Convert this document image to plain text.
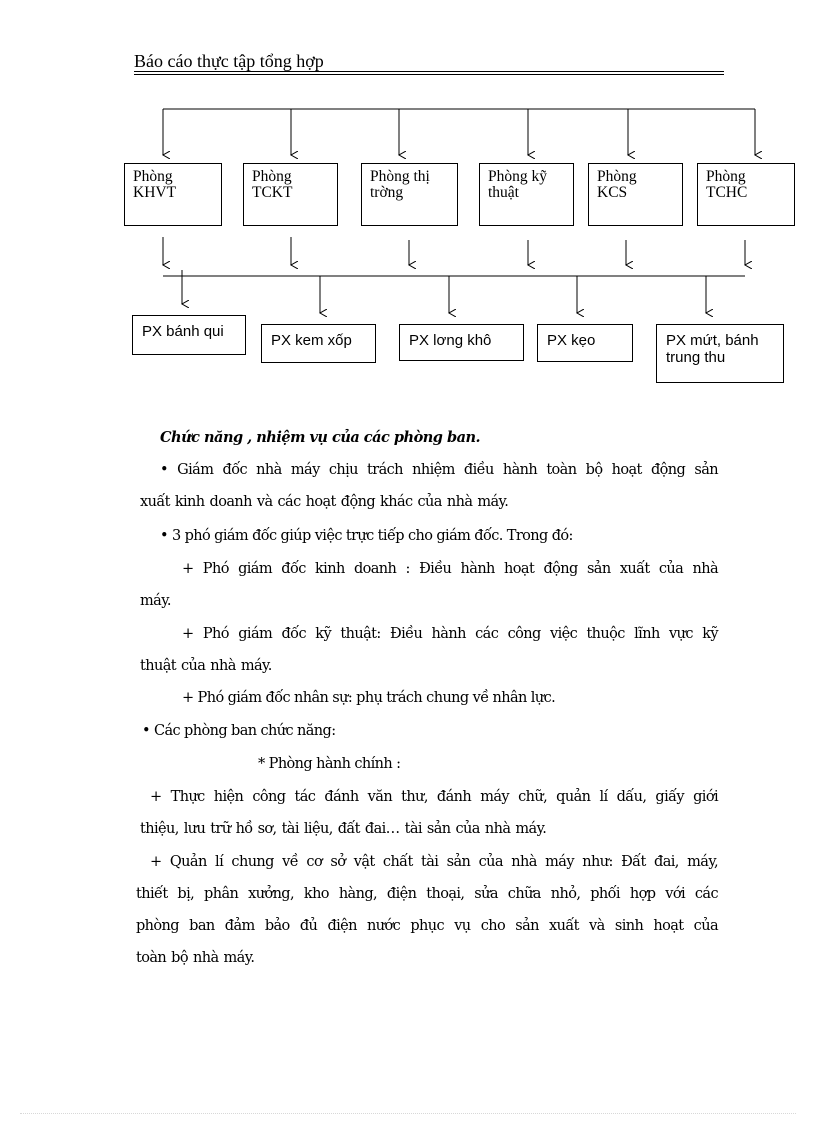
Báo cáo thực tập tổng hợp
Phòng
KHVT
Phòng
TCKT
Phòng thị
trờng
Phòng kỹ
thuật
Phòng
KCS
Phòng
TCHC
PX bánh qui
PX kem xốp	PX lơng khô	PX kẹo	PX mứt, bánh
trung thu
Chức năng , nhiệm vụ của các phòng ban.
• Giám đốc nhà máy chịu trách nhiệm điều hành toàn bộ hoạt động sản
xuất kinh doanh và các hoạt động khác của nhà máy.
• 3 phó giám đốc giúp việc trực tiếp cho giám đốc. Trong đó:
+ Phó giám đốc kinh doanh : Điều hành hoạt động sản xuất của nhà
máy.
+ Phó giám đốc kỹ thuật: Điều hành các công việc thuộc lĩnh vực kỹ
thuật của nhà máy.
+ Phó giám đốc nhân sự: phụ trách chung về nhân lực.
• Các phòng ban chức năng:
* Phòng hành chính :
+ Thực hiện công tác đánh văn thư, đánh máy chữ, quản lí dấu, giấy giới
thiệu, lưu trữ hồ sơ, tài liệu, đất đai… tài sản của nhà máy.
+ Quản lí chung về cơ sở vật chất tài sản của nhà máy như: Đất đai, máy,
thiết bị, phân xưởng, kho hàng, điện thoại, sửa chữa nhỏ, phối hợp với các
phòng ban đảm bảo đủ điện nước phục vụ cho sản xuất và sinh hoạt của
toàn bộ nhà máy.
